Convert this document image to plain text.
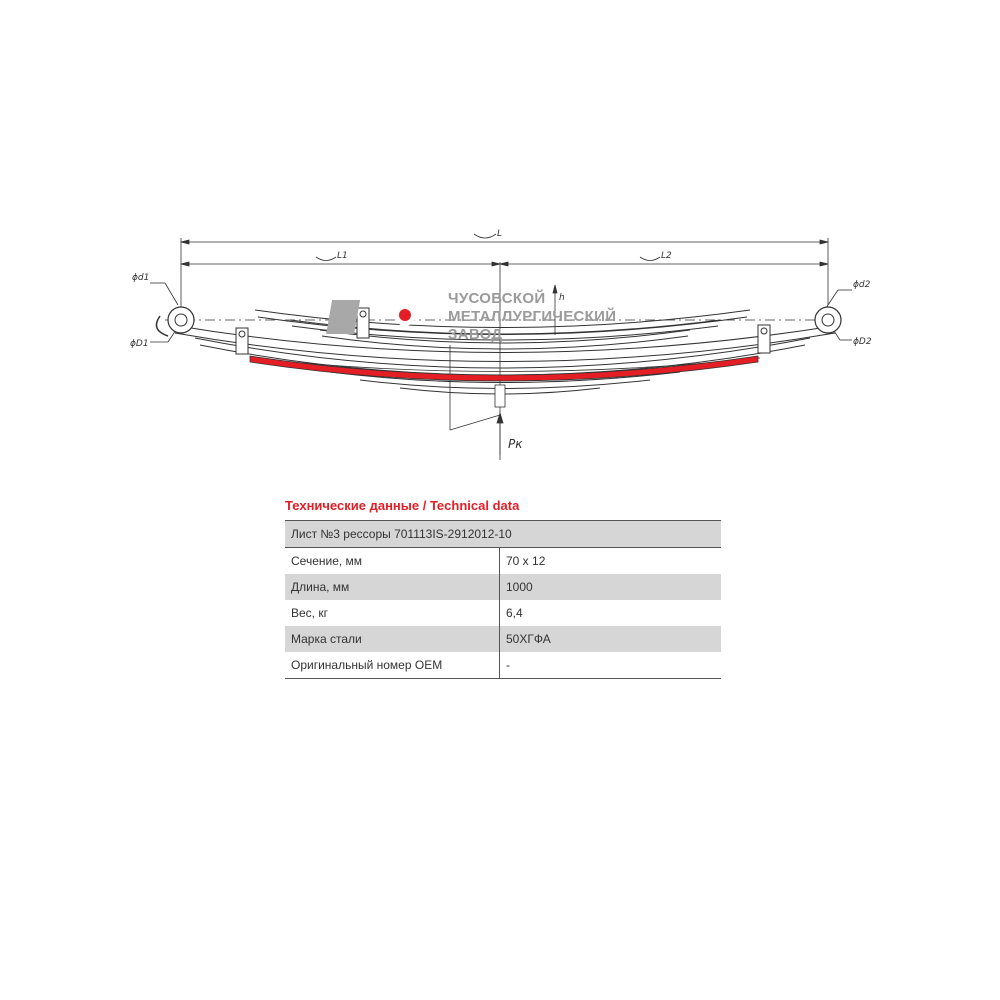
ЧУСОВСКОЙ
МЕТАЛЛУРГИЧЕСКИЙ
ЗАВОД
L
L1	L2
ϕd1
ϕD1
ϕd2
ϕD2
h
Pк
Технические данные / Technical data
Лист №3 рессоры 701113IS-2912012-10	
Сечение, мм	70 х 12
Длина, мм	1000
Вес, кг	6,4
Марка стали	50ХГФА
Оригинальный номер OEM	-
